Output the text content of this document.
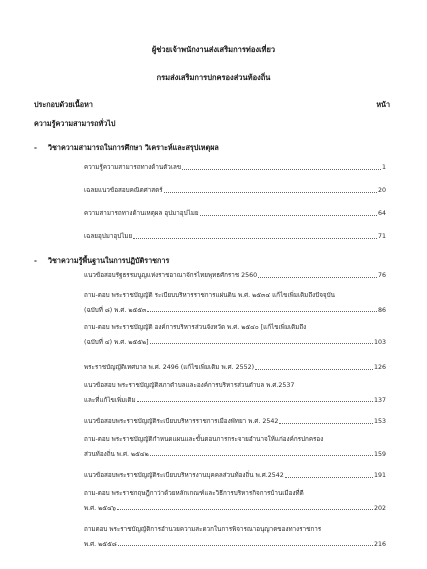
ผู้ช่วยเจ้าพนักงานส่งเสริมการท่องเที่ยว
กรมส่งเสริมการปกครองส่วนท้องถิ่น
ประกอบด้วยเนื้อหา	หน้า
ความรู้ความสามารถทั่วไป
- วิชาความสามารถในการศึกษา วิเคราะห์และสรุปเหตุผล
ความรู้ความสามารถทางด้านตัวเลข	1
เฉลยแนวข้อสอบคณิตศาสตร์	20
ความสามารถทางด้านเหตุผล อุปมาอุปไมย	64
เฉลยอุปมาอุปไมย	71
- วิชาความรู้พื้นฐานในการปฏิบัติราชการ
แนวข้อสอบรัฐธรรมนูญแห่งราชอาณาจักรไทยพุทธศักราช 2560	76
ถาม-ตอบ พระราชบัญญัติ ระเบียบบริหารราชการแผ่นดิน พ.ศ. ๒๕๓๔ แก้ไขเพิ่มเติมถึงปัจจุบัน
(ฉบับที่ ๘) พ.ศ. ๒๕๕๓	86
ถาม-ตอบ พระราชบัญญัติ องค์การบริหารส่วนจังหวัด พ.ศ. ๒๕๔๐ [แก้ไขเพิ่มเติมถึง
(ฉบับที่ ๔) พ.ศ. ๒๕๕๒]	103
พระราชบัญญัติเทศบาล พ.ศ. 2496 (แก้ไขเพิ่มเติม พ.ศ. 2552)	126
แนวข้อสอบ พระราชบัญญัติสภาตำบลและองค์การบริหารส่วนตำบล พ.ศ.2537
และที่แก้ไขเพิ่มเติม	137
แนวข้อสอบพระราชบัญญัติระเบียบบริหารราชการเมืองพัทยา พ.ศ. 2542	153
ถาม-ตอบ พระราชบัญญัติกำหนดแผนและขั้นตอนการกระจายอำนาจให้แก่องค์กรปกครอง
ส่วนท้องถิ่น พ.ศ. ๒๕๔๒	159
แนวข้อสอบพระราชบัญญัติระเบียบบริหารงานบุคคลส่วนท้องถิ่น พ.ศ.2542	191
ถาม-ตอบ พระราชกฤษฎีกาว่าด้วยหลักเกณฑ์และวิธีการบริหารกิจการบ้านเมืองที่ดี
พ.ศ. ๒๕๔๖	202
ถามตอบ พระราชบัญญัติการอำนวยความสะดวกในการพิจารณาอนุญาตของทางราชการ
พ.ศ. ๒๕๕๘	216
